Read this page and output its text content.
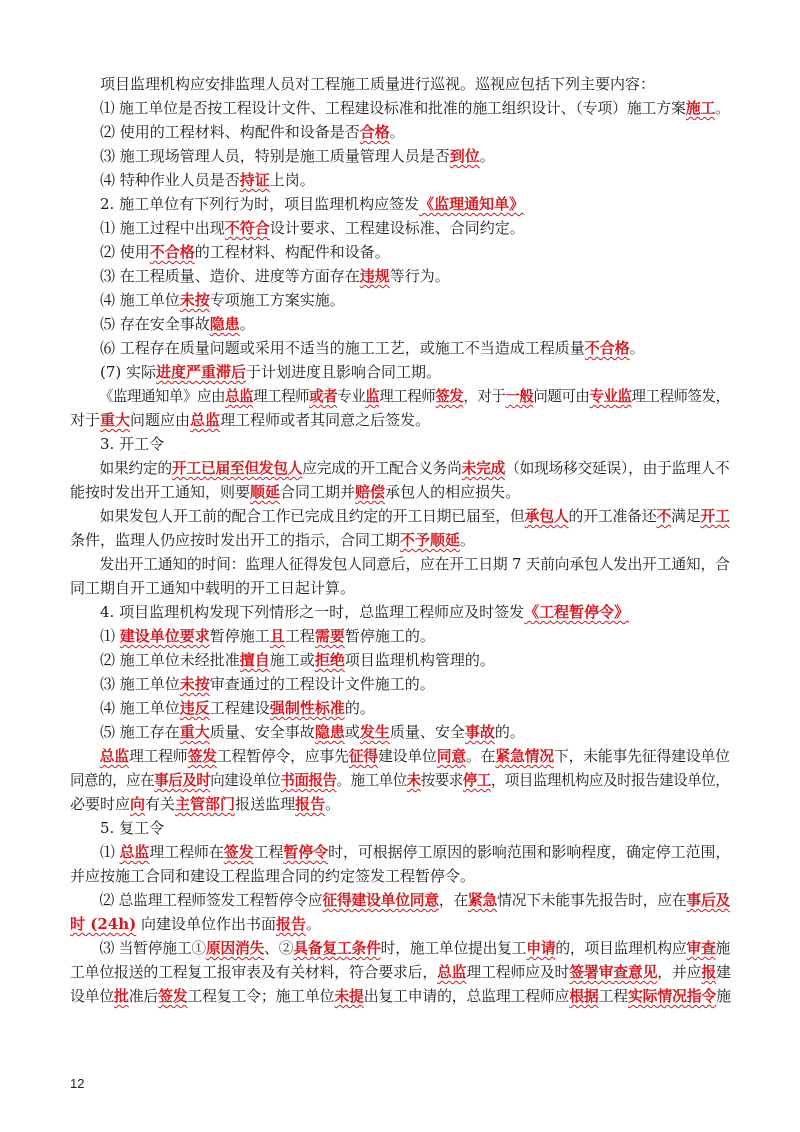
项目监理机构应安排监理人员对工程施工质量进行巡视。巡视应包括下列主要内容：

⑴ 施工单位是否按工程设计文件、工程建设标准和批准的施工组织设计、（专项）施工方案施工。

⑵ 使用的工程材料、构配件和设备是否合格。

⑶ 施工现场管理人员，特别是施工质量管理人员是否到位。

⑷ 特种作业人员是否持证上岗。

2. 施工单位有下列行为时，项目监理机构应签发《监理通知单》

⑴ 施工过程中出现不符合设计要求、工程建设标准、合同约定。

⑵ 使用不合格的工程材料、构配件和设备。

⑶ 在工程质量、造价、进度等方面存在违规等行为。

⑷ 施工单位未按专项施工方案实施。

⑸ 存在安全事故隐患。

⑹ 工程存在质量问题或采用不适当的施工工艺，或施工不当造成工程质量不合格。

(7) 实际进度严重滞后于计划进度且影响合同工期。

《监理通知单》应由总监理工程师或者专业监理工程师签发，对于一般问题可由专业监理工程师签发，

对于重大问题应由总监理工程师或者其同意之后签发。

3. 开工令

如果约定的开工已届至但发包人应完成的开工配合义务尚未完成（如现场移交延误），由于监理人不

能按时发出开工通知，则要顺延合同工期并赔偿承包人的相应损失。

如果发包人开工前的配合工作已完成且约定的开工日期已届至，但承包人的开工准备还不满足开工

条件，监理人仍应按时发出开工的指示，合同工期不予顺延。

发出开工通知的时间：监理人征得发包人同意后，应在开工日期 7 天前向承包人发出开工通知，合

同工期自开工通知中载明的开工日起计算。

4. 项目监理机构发现下列情形之一时，总监理工程师应及时签发《工程暂停令》

⑴ 建设单位要求暂停施工且工程需要暂停施工的。

⑵ 施工单位未经批准擅自施工或拒绝项目监理机构管理的。

⑶ 施工单位未按审查通过的工程设计文件施工的。

⑷ 施工单位违反工程建设强制性标准的。

⑸ 施工存在重大质量、安全事故隐患或发生质量、安全事故的。

总监理工程师签发工程暂停令，应事先征得建设单位同意。在紧急情况下，未能事先征得建设单位

同意的，应在事后及时向建设单位书面报告。施工单位未按要求停工，项目监理机构应及时报告建设单位，

必要时应向有关主管部门报送监理报告。

5. 复工令

⑴ 总监理工程师在签发工程暂停令时，可根据停工原因的影响范围和影响程度，确定停工范围，

并应按施工合同和建设工程监理合同的约定签发工程暂停令。

⑵ 总监理工程师签发工程暂停令应征得建设单位同意，在紧急情况下未能事先报告时，应在事后及

时 (24h) 向建设单位作出书面报告。

⑶ 当暂停施工①原因消失、②具备复工条件时，施工单位提出复工申请的，项目监理机构应审查施

工单位报送的工程复工报审表及有关材料，符合要求后，总监理工程师应及时签署审查意见，并应报建

设单位批准后签发工程复工令；施工单位未提出复工申请的，总监理工程师应根据工程实际情况指令施

12
